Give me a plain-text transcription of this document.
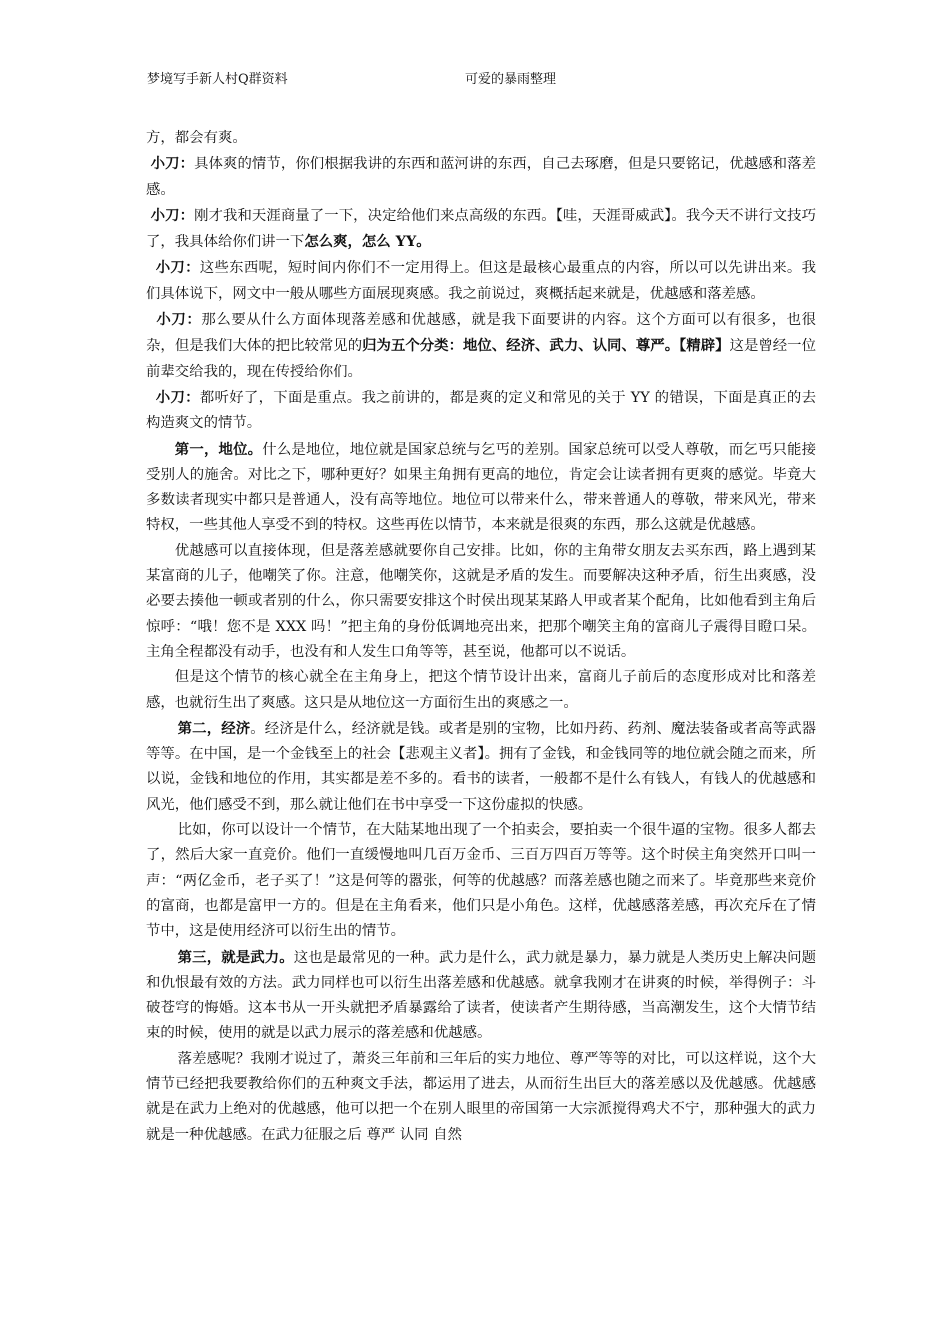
梦境写手新人村Q群资料	可爱的暴雨整理

方，都会有爽。

小刀：具体爽的情节，你们根据我讲的东西和蓝河讲的东西，自己去琢磨，但是只要铭记，优越感和落差感。

小刀：刚才我和天涯商量了一下，决定给他们来点高级的东西。【哇，天涯哥威武】。我今天不讲行文技巧了，我具体给你们讲一下怎么爽，怎么 YY。

小刀：这些东西呢，短时间内你们不一定用得上。但这是最核心最重点的内容，所以可以先讲出来。我们具体说下，网文中一般从哪些方面展现爽感。我之前说过，爽概括起来就是，优越感和落差感。

小刀：那么要从什么方面体现落差感和优越感，就是我下面要讲的内容。这个方面可以有很多，也很杂，但是我们大体的把比较常见的归为五个分类：地位、经济、武力、认同、尊严。【精辟】这是曾经一位前辈交给我的，现在传授给你们。

小刀：都听好了，下面是重点。我之前讲的，都是爽的定义和常见的关于 YY 的错误，下面是真正的去构造爽文的情节。

第一，地位。什么是地位，地位就是国家总统与乞丐的差别。国家总统可以受人尊敬，而乞丐只能接受别人的施舍。对比之下，哪种更好？如果主角拥有更高的地位，肯定会让读者拥有更爽的感觉。毕竟大多数读者现实中都只是普通人，没有高等地位。地位可以带来什么，带来普通人的尊敬，带来风光，带来特权，一些其他人享受不到的特权。这些再佐以情节，本来就是很爽的东西，那么这就是优越感。

优越感可以直接体现，但是落差感就要你自己安排。比如，你的主角带女朋友去买东西，路上遇到某某富商的儿子，他嘲笑了你。注意，他嘲笑你，这就是矛盾的发生。而要解决这种矛盾，衍生出爽感，没必要去揍他一顿或者别的什么，你只需要安排这个时侯出现某某路人甲或者某个配角，比如他看到主角后惊呼：“哦！您不是 XXX 吗！”把主角的身份低调地亮出来，把那个嘲笑主角的富商儿子震得目瞪口呆。主角全程都没有动手，也没有和人发生口角等等，甚至说，他都可以不说话。

但是这个情节的核心就全在主角身上，把这个情节设计出来，富商儿子前后的态度形成对比和落差感，也就衍生出了爽感。这只是从地位这一方面衍生出的爽感之一。

第二，经济。经济是什么，经济就是钱。或者是别的宝物，比如丹药、药剂、魔法装备或者高等武器等等。在中国，是一个金钱至上的社会【悲观主义者】。拥有了金钱，和金钱同等的地位就会随之而来，所以说，金钱和地位的作用，其实都是差不多的。看书的读者，一般都不是什么有钱人，有钱人的优越感和风光，他们感受不到，那么就让他们在书中享受一下这份虚拟的快感。

比如，你可以设计一个情节，在大陆某地出现了一个拍卖会，要拍卖一个很牛逼的宝物。很多人都去了，然后大家一直竞价。他们一直缓慢地叫几百万金币、三百万四百万等等。这个时侯主角突然开口叫一声：“两亿金币，老子买了！”这是何等的嚣张，何等的优越感？而落差感也随之而来了。毕竟那些来竞价的富商，也都是富甲一方的。但是在主角看来，他们只是小角色。这样，优越感落差感，再次充斥在了情节中，这是使用经济可以衍生出的情节。

第三，就是武力。这也是最常见的一种。武力是什么，武力就是暴力，暴力就是人类历史上解决问题和仇恨最有效的方法。武力同样也可以衍生出落差感和优越感。就拿我刚才在讲爽的时候，举得例子：斗破苍穹的悔婚。这本书从一开头就把矛盾暴露给了读者，使读者产生期待感，当高潮发生，这个大情节结束的时候，使用的就是以武力展示的落差感和优越感。

落差感呢？我刚才说过了，萧炎三年前和三年后的实力地位、尊严等等的对比，可以这样说，这个大情节已经把我要教给你们的五种爽文手法，都运用了进去，从而衍生出巨大的落差感以及优越感。优越感就是在武力上绝对的优越感，他可以把一个在别人眼里的帝国第一大宗派搅得鸡犬不宁，那种强大的武力就是一种优越感。在武力征服之后 尊严 认同 自然
